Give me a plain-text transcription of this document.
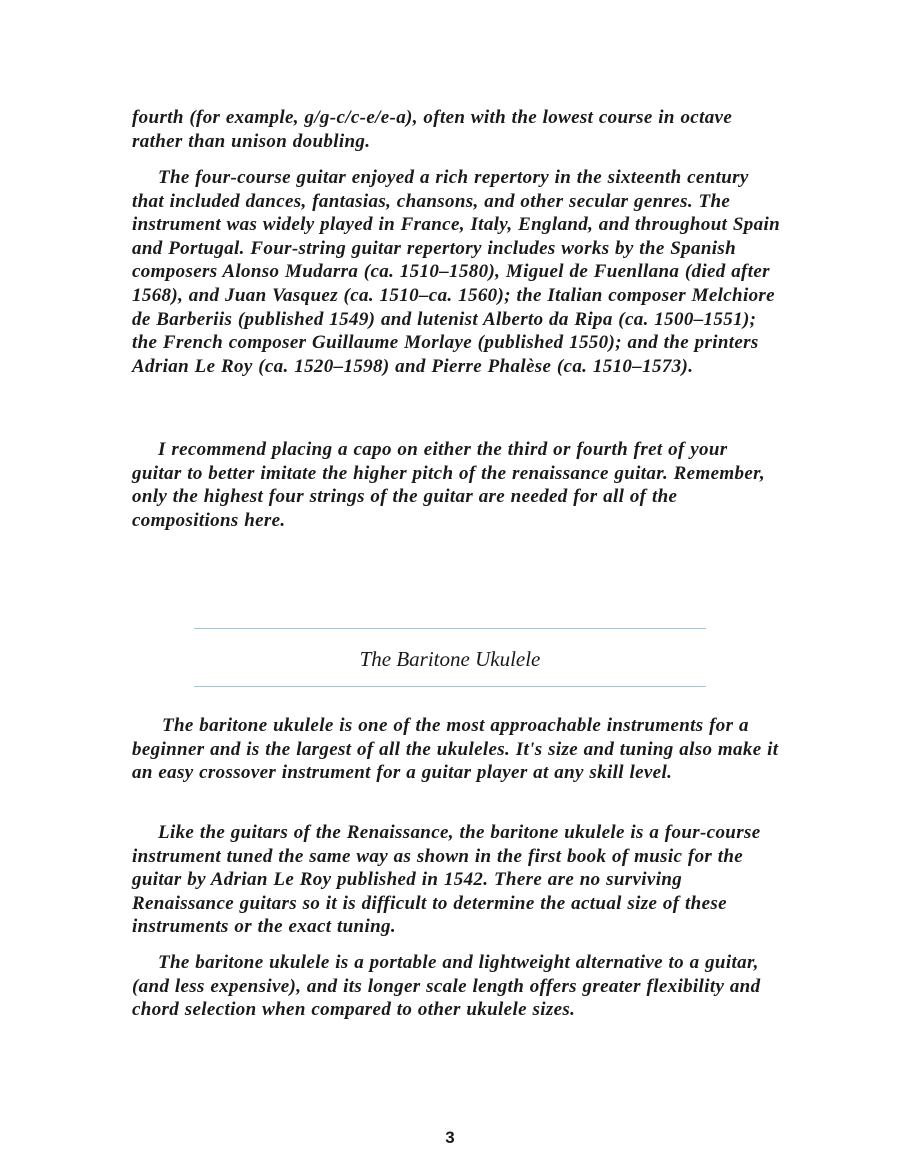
fourth (for example, g/g-c/c-e/e-a), often with the lowest course in octave rather than unison doubling.

The four-course guitar enjoyed a rich repertory in the sixteenth century that included dances, fantasias, chansons, and other secular genres. The instrument was widely played in France, Italy, England, and throughout Spain and Portugal. Four-string guitar repertory includes works by the Spanish composers Alonso Mudarra (ca. 1510–1580), Miguel de Fuenllana (died after 1568), and Juan Vasquez (ca. 1510–ca. 1560); the Italian composer Melchiore de Barberiis (published 1549) and lutenist Alberto da Ripa (ca. 1500–1551); the French composer Guillaume Morlaye (published 1550); and the printers Adrian Le Roy (ca. 1520–1598) and Pierre Phalèse (ca. 1510–1573).

I recommend placing a capo on either the third or fourth fret of your guitar to better imitate the higher pitch of the renaissance guitar. Remember, only the highest four strings of the guitar are needed for all of the compositions here.

The Baritone Ukulele

The baritone ukulele is one of the most approachable instruments for a beginner and is the largest of all the ukuleles. It's size and tuning also make it an easy crossover instrument for a guitar player at any skill level.

Like the guitars of the Renaissance, the baritone ukulele is a four-course instrument tuned the same way as shown in the first book of music for the guitar by Adrian Le Roy published in 1542. There are no surviving Renaissance guitars so it is difficult to determine the actual size of these instruments or the exact tuning.

The baritone ukulele is a portable and lightweight alternative to a guitar, (and less expensive), and its longer scale length offers greater flexibility and chord selection when compared to other ukulele sizes.

3
